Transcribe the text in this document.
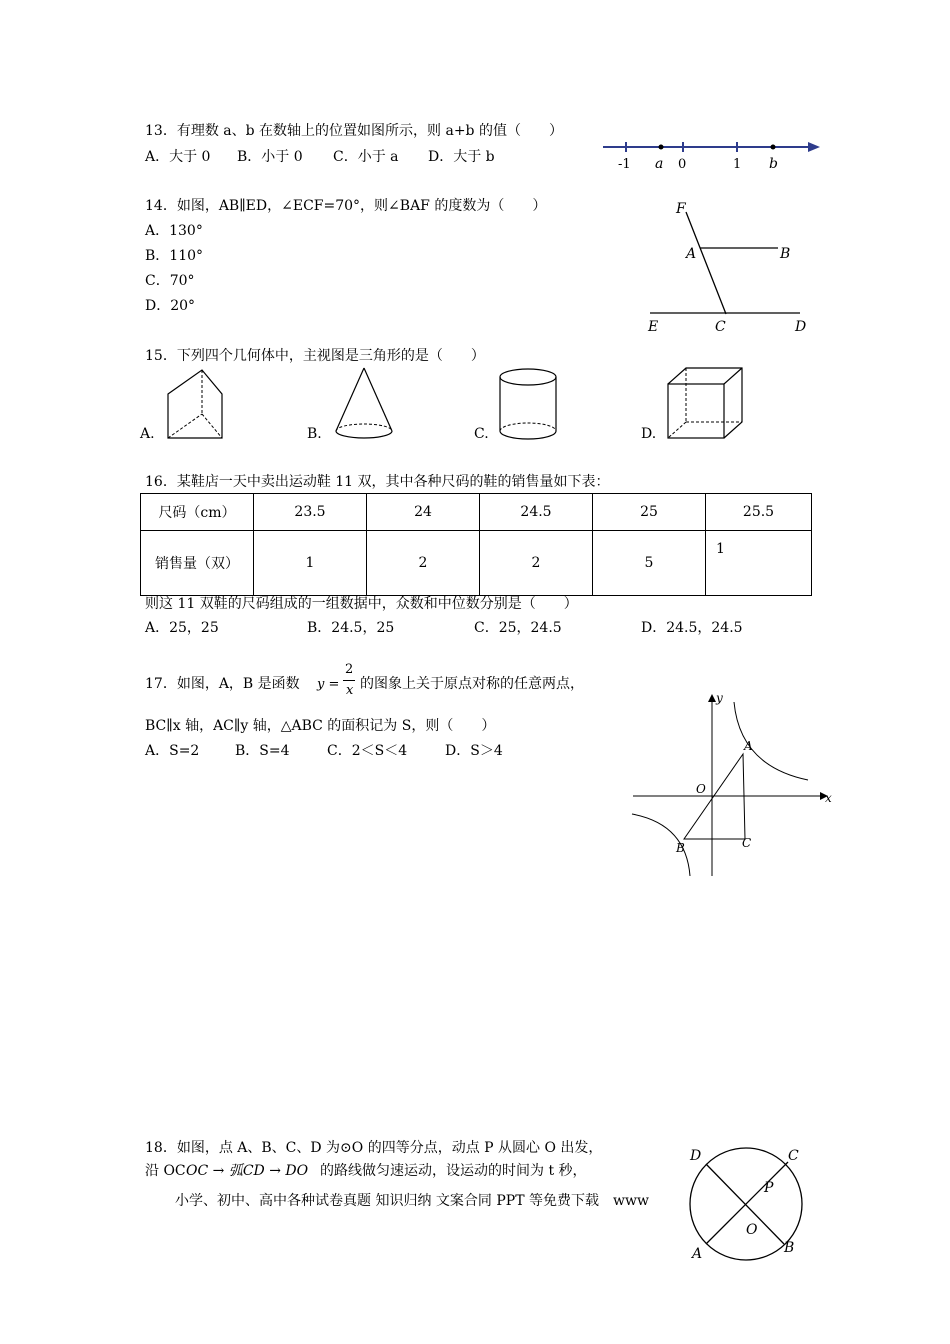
13．有理数 a、b 在数轴上的位置如图所示，则 a+b 的值（　　）
A．大于 0 B．小于 0 C．小于 a D．大于 b	-1 a 0	1 b
14．如图，AB∥ED，∠ECF=70°，则∠BAF 的度数为（　　）
A．130°
B．110°
C．70°
D．20°
F
A	B
E	C	D
15．下列四个几何体中，主视图是三角形的是（　　）
A.	B.	C.	D.
16．某鞋店一天中卖出运动鞋 11 双，其中各种尺码的鞋的销售量如下表：
尺码（cm）	23.5	24	24.5	25	25.5
销售量（双）	1	2	2	5	1
则这 11 双鞋的尺码组成的一组数据中，众数和中位数分别是（　　）
A．25，25	B．24.5，25	C．25，24.5	D．24.5，24.5
17．如图，A，B 是函数 y =
2
x 的图象上关于原点对称的任意两点，
BC∥x 轴，AC∥y 轴，△ABC 的面积记为 S，则（　　）
A．S=2	B．S=4	C．2＜S＜4	D．S＞4
y
x
O
A
B	C
18．如图，点 A、B、C、D 为⊙O 的四等分点，动点 P 从圆心 O 出发，
沿 OC OC → 弧CD → DO 的路线做匀速运动，设运动的时间为 t 秒，
D	C
P
O
A	B
小学、初中、高中各种试卷真题 知识归纳 文案合同 PPT 等免费下载　www
